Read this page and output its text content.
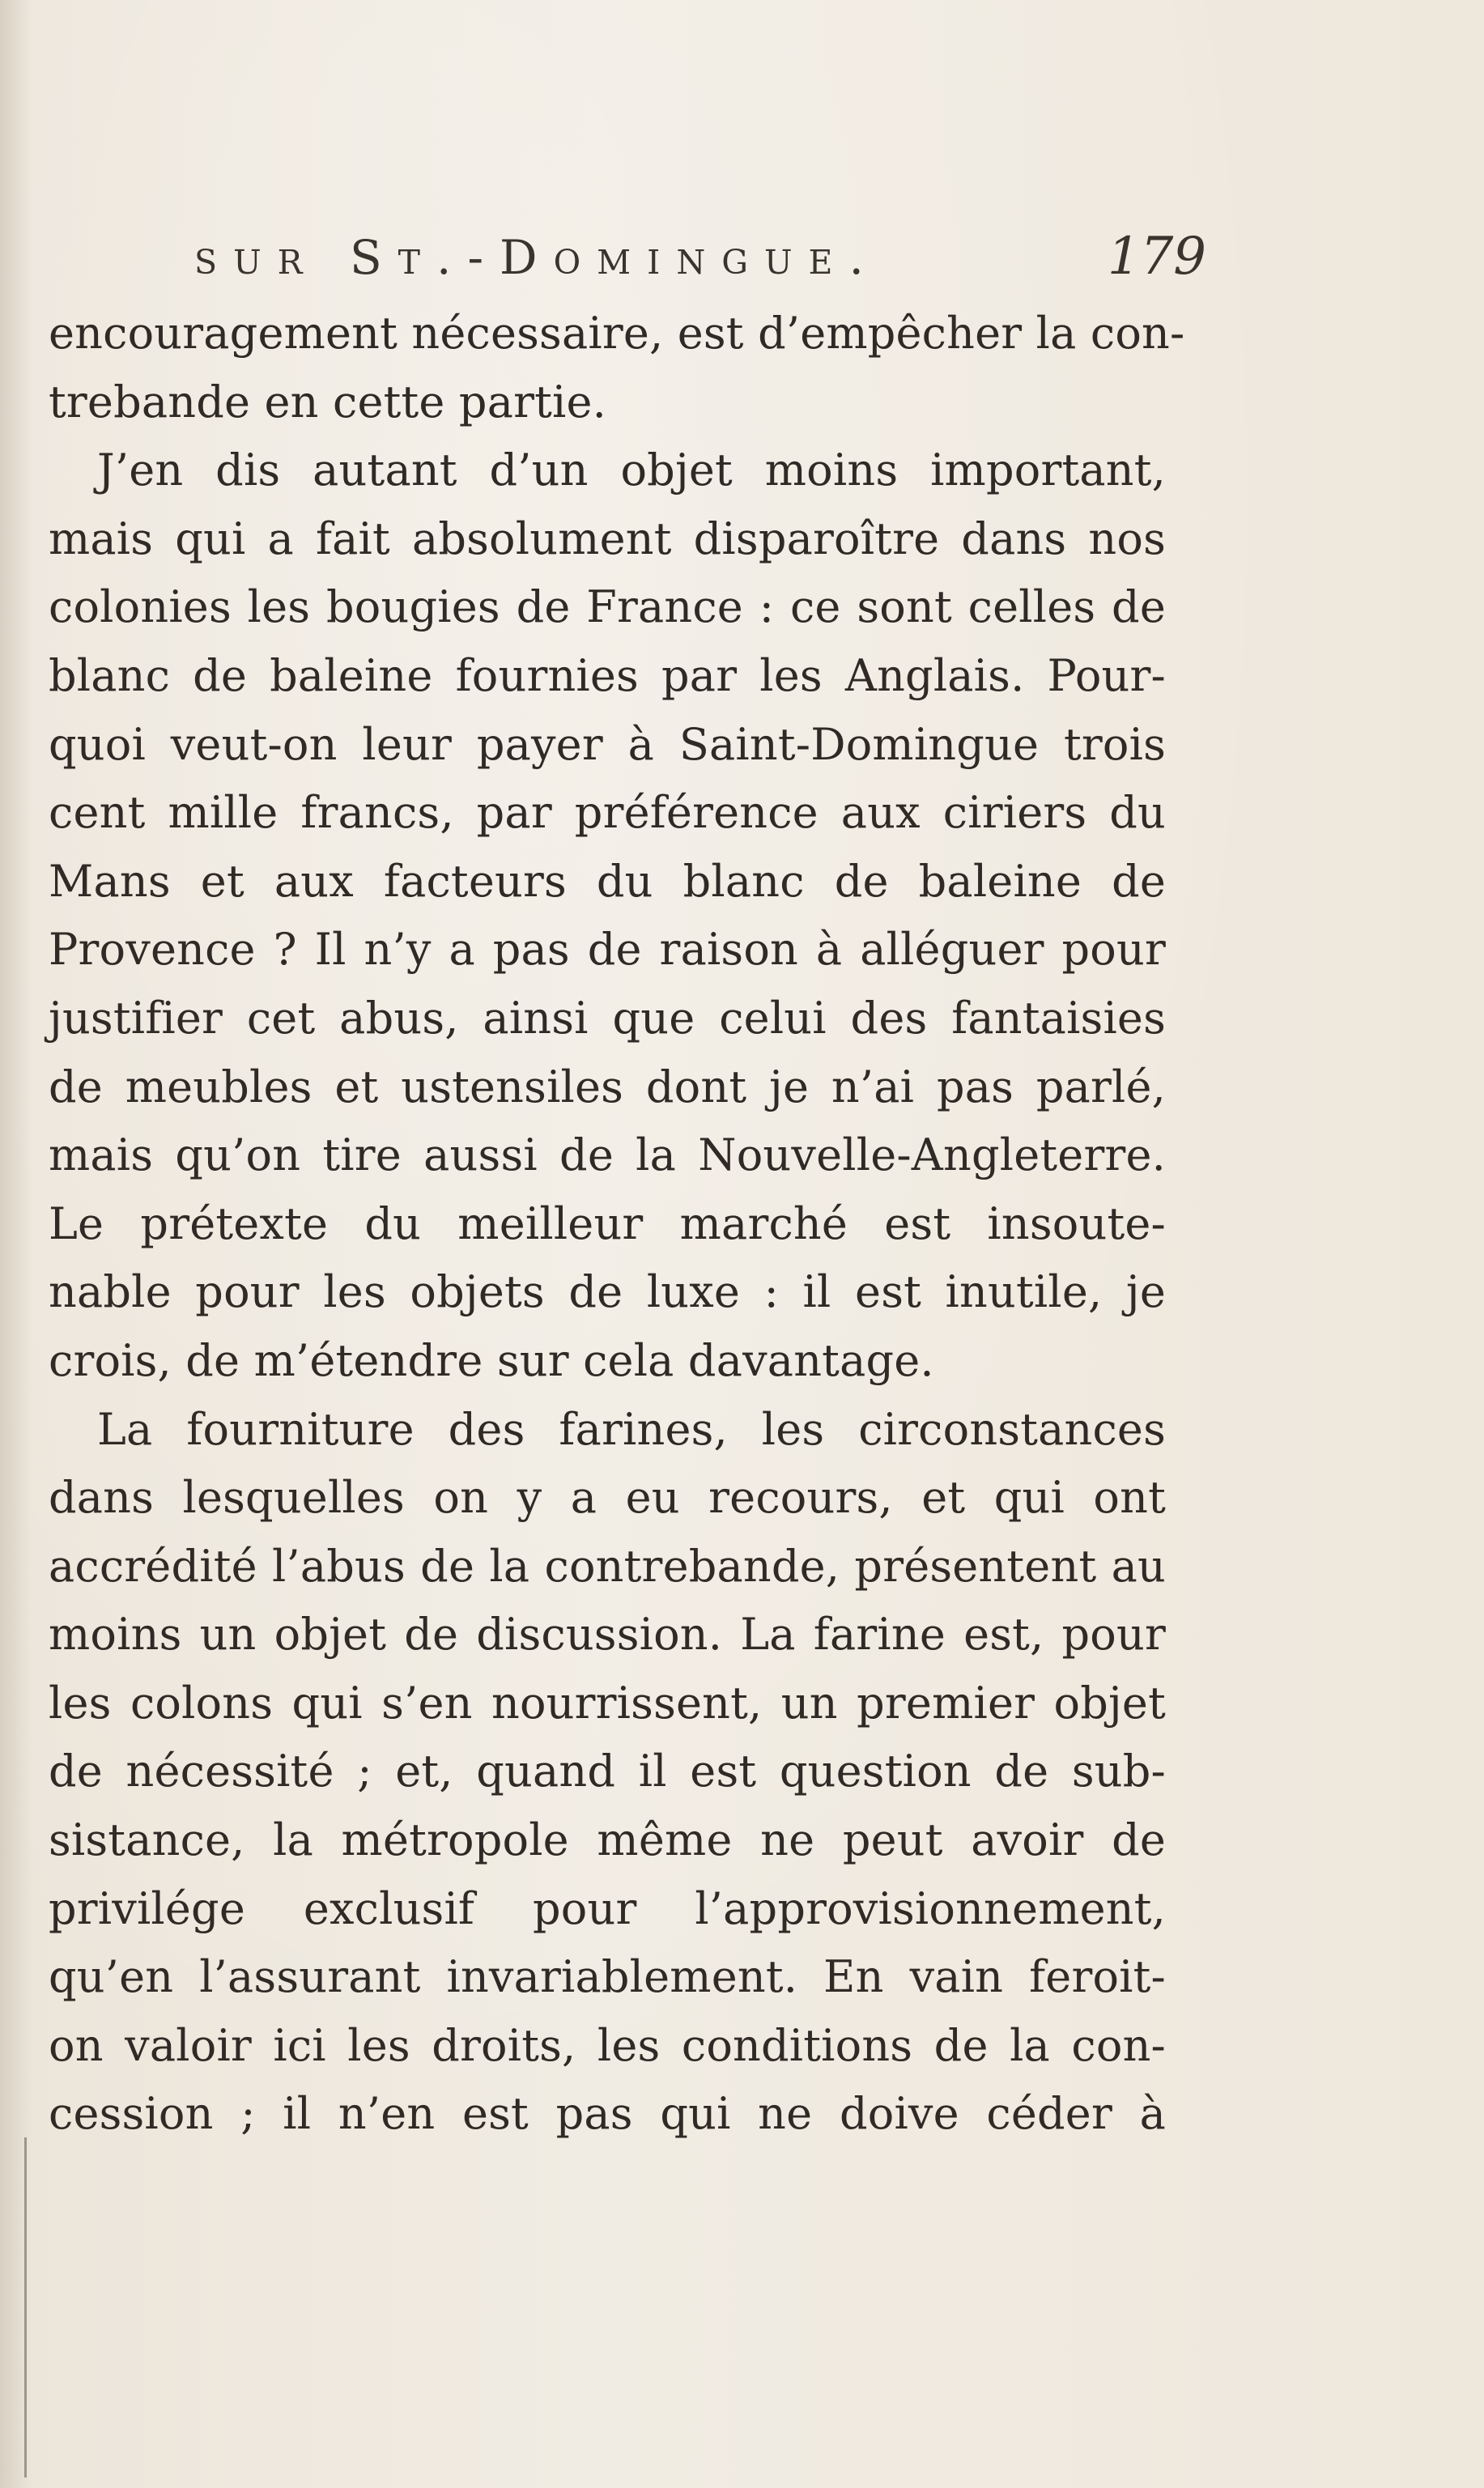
sur St.-Domingue.	179
encouragement nécessaire, est d’empêcher la con-
trebande en cette partie.
J’en dis autant d’un objet moins important,
mais qui a fait absolument disparoître dans nos
colonies les bougies de France : ce sont celles de
blanc de baleine fournies par les Anglais. Pour-
quoi veut-on leur payer à Saint-Domingue trois
cent mille francs, par préférence aux ciriers du
Mans et aux facteurs du blanc de baleine de
Provence ? Il n’y a pas de raison à alléguer pour
justifier cet abus, ainsi que celui des fantaisies
de meubles et ustensiles dont je n’ai pas parlé,
mais qu’on tire aussi de la Nouvelle-Angleterre.
Le prétexte du meilleur marché est insoute-
nable pour les objets de luxe : il est inutile, je
crois, de m’étendre sur cela davantage.
La fourniture des farines, les circonstances
dans lesquelles on y a eu recours, et qui ont
accrédité l’abus de la contrebande, présentent au
moins un objet de discussion. La farine est, pour
les colons qui s’en nourrissent, un premier objet
de nécessité ; et, quand il est question de sub-
sistance, la métropole même ne peut avoir de
privilége exclusif pour l’approvisionnement,
qu’en l’assurant invariablement. En vain feroit-
on valoir ici les droits, les conditions de la con-
cession ; il n’en est pas qui ne doive céder à
